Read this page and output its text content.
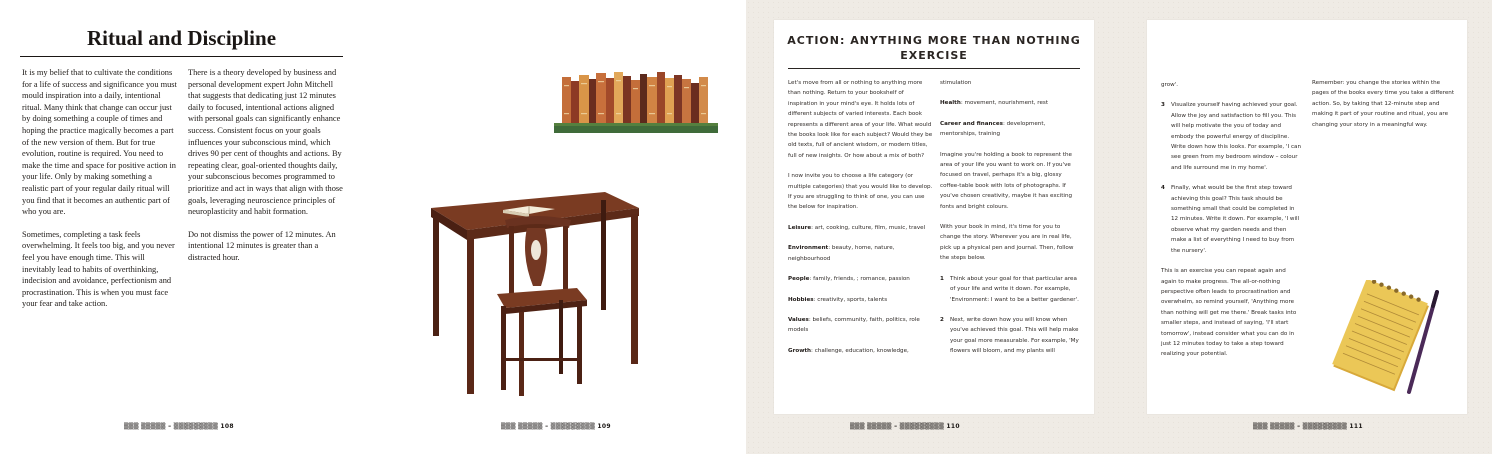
Ritual and Discipline

It is my belief that to cultivate the conditions for a life of success and significance you must mould inspiration into a daily, intentional ritual. Many think that change can occur just by doing something a couple of times and hoping the practice magically becomes a part of the new version of them. But for true evolution, routine is required. You need to make the time and space for positive action in your life. Only by making something a realistic part of your regular daily ritual will you find that it becomes an authentic part of who you are.

Sometimes, completing a task feels overwhelming. It feels too big, and you never feel you have enough time. This will inevitably lead to habits of overthinking, indecision and avoidance, perfectionism and procrastination. This is when you must face your fear and take action.

There is a theory developed by business and personal development expert John Mitchell that suggests that dedicating just 12 minutes daily to focused, intentional actions aligned with personal goals can significantly enhance success. Consistent focus on your goals influences your subconscious mind, which drives 90 per cent of thoughts and actions. By repeating clear, goal-oriented thoughts daily, your subconscious becomes programmed to prioritize and act in ways that align with those goals, leveraging neuroscience principles of neuroplasticity and habit formation.

Do not dismiss the power of 12 minutes. An intentional 12 minutes is greater than a distracted hour.

▒▒▒ ▒▒▒▒▒ – ▒▒▒▒▒▒▒▒▒ 108	▒▒▒ ▒▒▒▒▒ – ▒▒▒▒▒▒▒▒▒ 109
ACTION: ANYTHING MORE THAN NOTHING EXERCISE

Let's move from all or nothing to anything more than nothing. Return to your bookshelf of inspiration in your mind's eye. It holds lots of different subjects of varied interests. Each book represents a different area of your life. What would the books look like for each subject? Would they be old texts, full of ancient wisdom, or modern titles, full of new insights. Or how about a mix of both?

I now invite you to choose a life category (or multiple categories) that you would like to develop. If you are struggling to think of one, you can use the below for inspiration.

Leisure: art, cooking, culture, film, music, travel

Environment: beauty, home, nature, neighbourhood

People: family, friends, ; romance, passion

Hobbies: creativity, sports, talents

Values: beliefs, community, faith, politics, role models

Growth: challenge, education, knowledge,

stimulation

Health: movement, nourishment, rest

Career and finances: development, mentorships, training

Imagine you're holding a book to represent the area of your life you want to work on. If you've focused on travel, perhaps it's a big, glossy coffee-table book with lots of photographs. If you've chosen creativity, maybe it has exciting fonts and bright colours.

With your book in mind, it's time for you to change the story. Wherever you are in real life, pick up a physical pen and journal. Then, follow the steps below.

1	Think about your goal for that particular area of your life and write it down. For example, 'Environment: I want to be a better gardener'.

2	Next, write down how you will know when you've achieved this goal. This will help make your goal more measurable. For example, 'My flowers will bloom, and my plants will

▒▒▒ ▒▒▒▒▒ – ▒▒▒▒▒▒▒▒▒ 110

grow'.

3	Visualize yourself having achieved your goal. Allow the joy and satisfaction to fill you. This will help motivate the you of today and embody the powerful energy of discipline. Write down how this looks. For example, 'I can see green from my bedroom window – colour and life surround me in my home'.

4	Finally, what would be the first step toward achieving this goal? This task should be something small that could be completed in 12 minutes. Write it down. For example, 'I will observe what my garden needs and then make a list of everything I need to buy from the nursery'.

This is an exercise you can repeat again and again to make progress. The all-or-nothing perspective often leads to procrastination and overwhelm, so remind yourself, 'Anything more than nothing will get me there.' Break tasks into smaller steps, and instead of saying, 'I'll start tomorrow', instead consider what you can do in just 12 minutes today to take a step toward realizing your potential.

Remember: you change the stories within the pages of the books every time you take a different action. So, by taking that 12-minute step and making it part of your routine and ritual, you are changing your story in a meaningful way.

▒▒▒ ▒▒▒▒▒ – ▒▒▒▒▒▒▒▒▒ 111
